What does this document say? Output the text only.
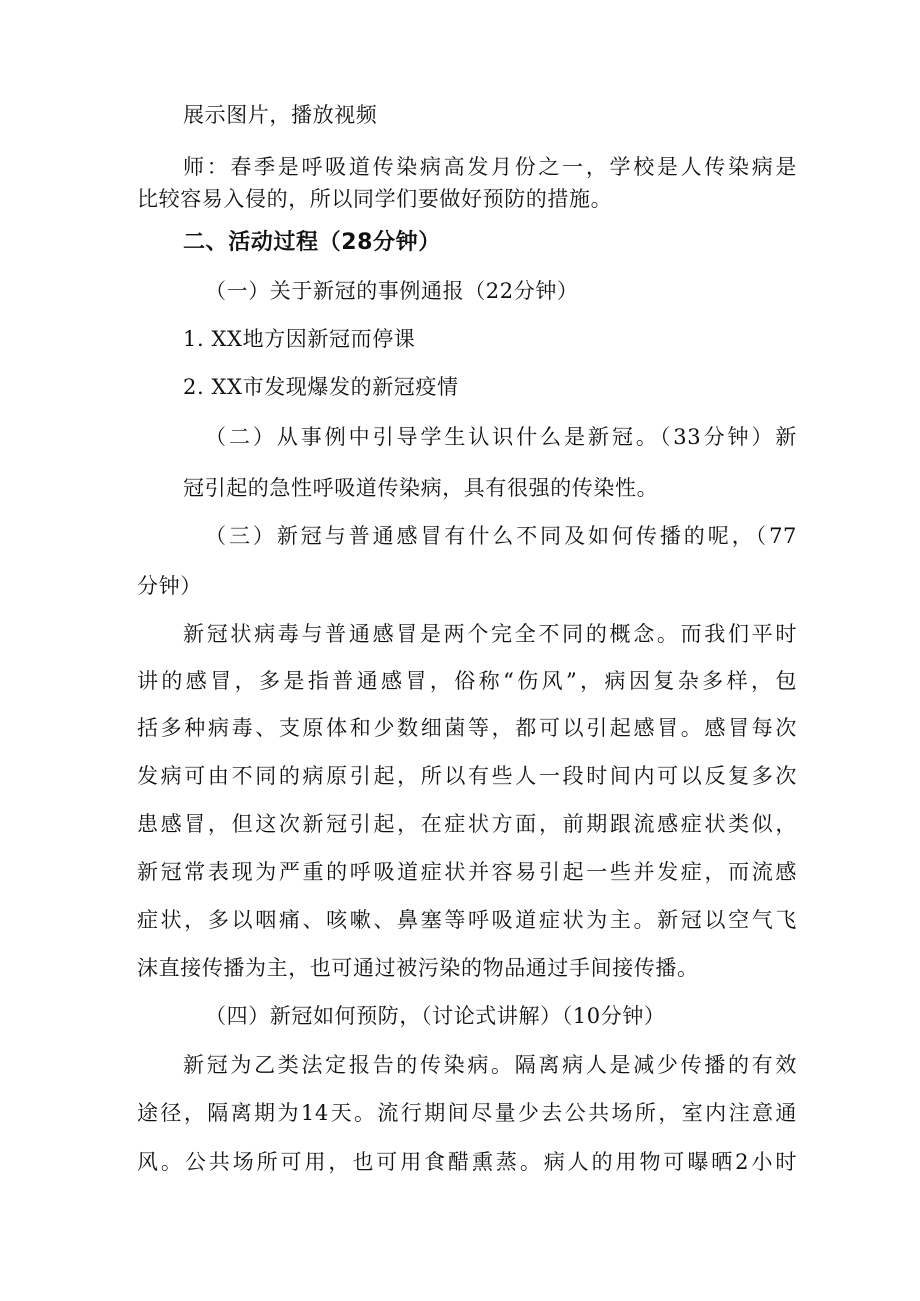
展示图片，播放视频
师：春季是呼吸道传染病高发月份之一，学校是人传染病是
比较容易入侵的，所以同学们要做好预防的措施。
二、活动过程（28分钟）
（一）关于新冠的事例通报（22分钟）
1. XX地方因新冠而停课
2. XX市发现爆发的新冠疫情
（二）从事例中引导学生认识什么是新冠。（33分钟）新
冠引起的急性呼吸道传染病，具有很强的传染性。
（三）新冠与普通感冒有什么不同及如何传播的呢，（77
分钟）
新冠状病毒与普通感冒是两个完全不同的概念。而我们平时
讲的感冒，多是指普通感冒，俗称“伤风”，病因复杂多样，包
括多种病毒、支原体和少数细菌等，都可以引起感冒。感冒每次
发病可由不同的病原引起，所以有些人一段时间内可以反复多次
患感冒，但这次新冠引起，在症状方面，前期跟流感症状类似，
新冠常表现为严重的呼吸道症状并容易引起一些并发症，而流感
症状，多以咽痛、咳嗽、鼻塞等呼吸道症状为主。新冠以空气飞
沫直接传播为主，也可通过被污染的物品通过手间接传播。
（四）新冠如何预防，（讨论式讲解）（10分钟）
新冠为乙类法定报告的传染病。隔离病人是减少传播的有效
途径，隔离期为14天。流行期间尽量少去公共场所，室内注意通
风。公共场所可用，也可用食醋熏蒸。病人的用物可曝晒2小时
